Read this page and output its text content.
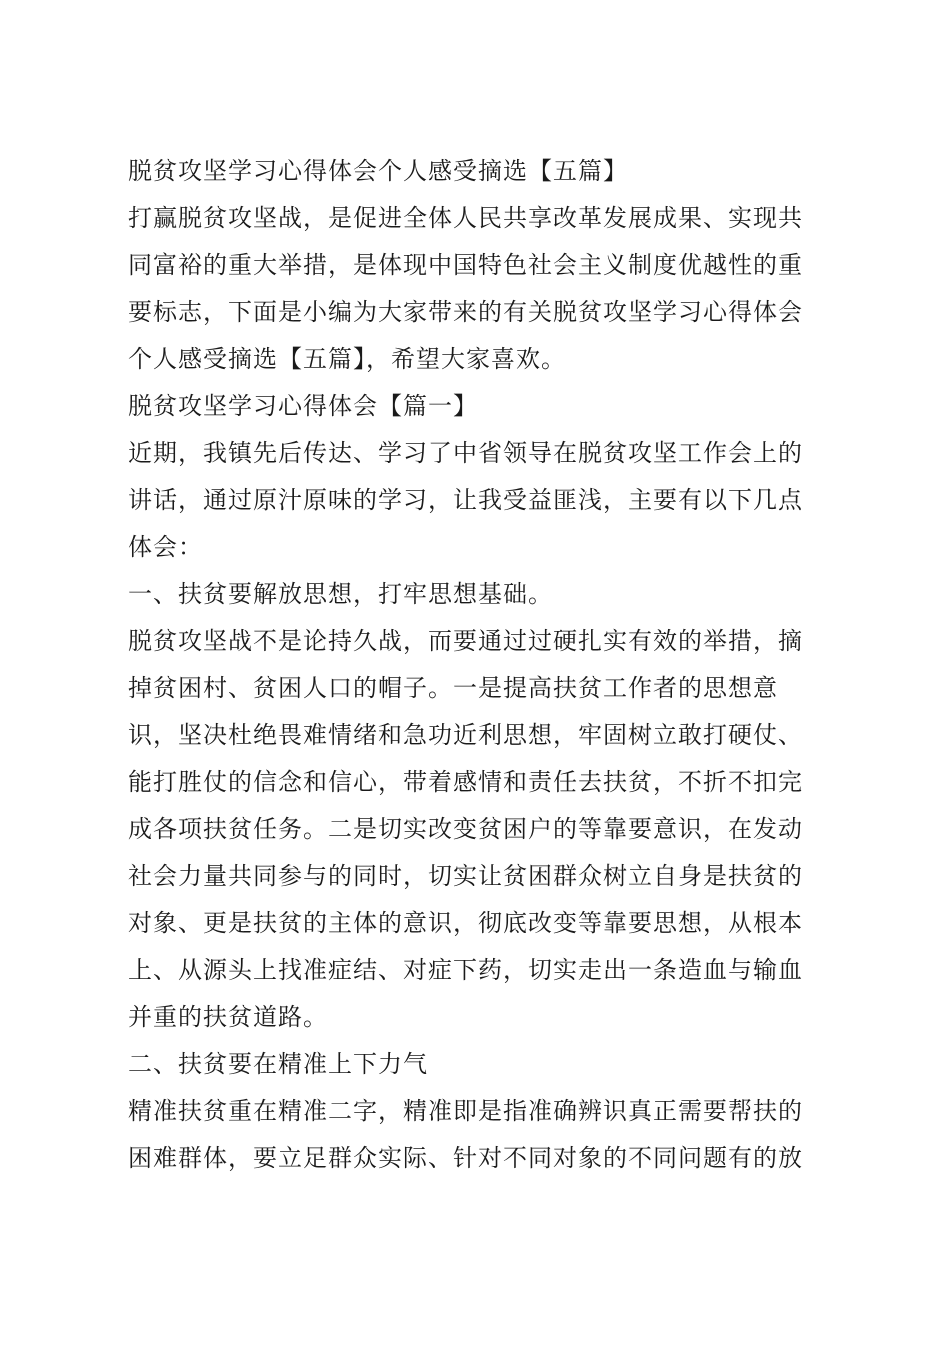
脱贫攻坚学习心得体会个人感受摘选【五篇】
打赢脱贫攻坚战，是促进全体人民共享改革发展成果、实现共
同富裕的重大举措，是体现中国特色社会主义制度优越性的重
要标志，下面是小编为大家带来的有关脱贫攻坚学习心得体会
个人感受摘选【五篇】，希望大家喜欢。
脱贫攻坚学习心得体会【篇一】
近期，我镇先后传达、学习了中省领导在脱贫攻坚工作会上的
讲话，通过原汁原味的学习，让我受益匪浅，主要有以下几点
体会：
一、扶贫要解放思想，打牢思想基础。
脱贫攻坚战不是论持久战，而要通过过硬扎实有效的举措，摘
掉贫困村、贫困人口的帽子。一是提高扶贫工作者的思想意
识，坚决杜绝畏难情绪和急功近利思想，牢固树立敢打硬仗、
能打胜仗的信念和信心，带着感情和责任去扶贫，不折不扣完
成各项扶贫任务。二是切实改变贫困户的等靠要意识，在发动
社会力量共同参与的同时，切实让贫困群众树立自身是扶贫的
对象、更是扶贫的主体的意识，彻底改变等靠要思想，从根本
上、从源头上找准症结、对症下药，切实走出一条造血与输血
并重的扶贫道路。
二、扶贫要在精准上下力气
精准扶贫重在精准二字，精准即是指准确辨识真正需要帮扶的
困难群体，要立足群众实际、针对不同对象的不同问题有的放
